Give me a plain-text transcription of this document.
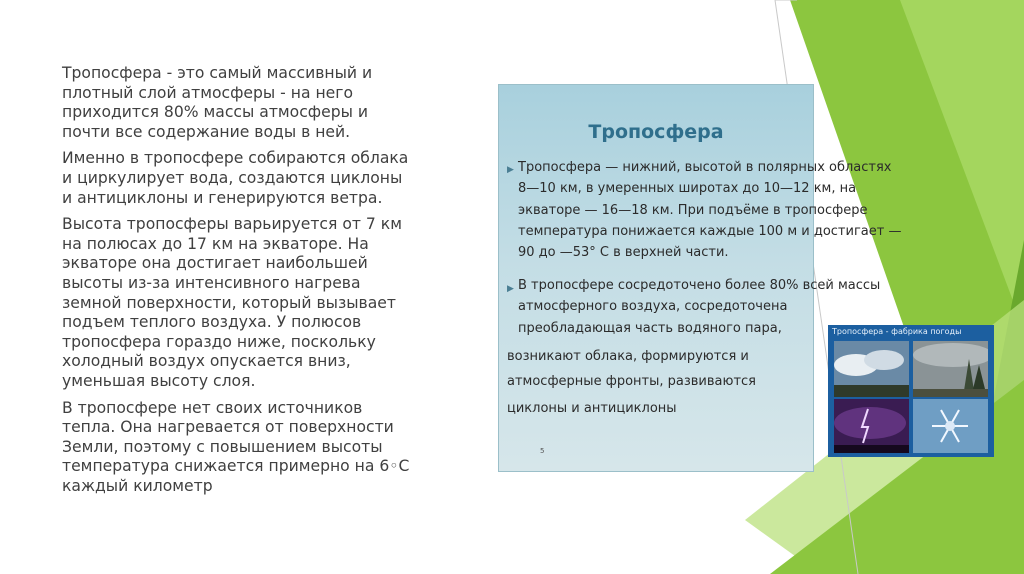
Тропосфера - это самый массивный и
плотный слой атмосферы - на него
приходится 80% массы атмосферы и
почти все содержание воды в ней.

Именно в тропосфере собираются облака
и циркулирует вода, создаются циклоны
и антициклоны и генерируются ветра.

Высота тропосферы варьируется от 7 км
на полюсах до 17 км на экваторе. На
экваторе она достигает наибольшей
высоты из-за интенсивного нагрева
земной поверхности, который вызывает
подъем теплого воздуха. У полюсов
тропосфера гораздо ниже, поскольку
холодный воздух опускается вниз,
уменьшая высоту слоя.

В тропосфере нет своих источников
тепла. Она нагревается от поверхности
Земли, поэтому с повышением высоты
температура снижается примерно на 6◦С
каждый километр

Тропосфера
▶ Тропосфера — нижний, высотой в полярных областях

8—10 км, в умеренных широтах до 10—12 км, на

экваторе — 16—18 км. При подъёме в тропосфере

температура понижается каждые 100 м и достигает —

90 до —53° С в верхней части.

▶ В тропосфере сосредоточено более 80% всей массы

атмосферного воздуха, сосредоточена

преобладающая часть водяного пара,

возникают облака, формируются и
атмосферные фронты, развиваются
циклоны и антициклоны
Тропосфера - фабрика погоды
5
